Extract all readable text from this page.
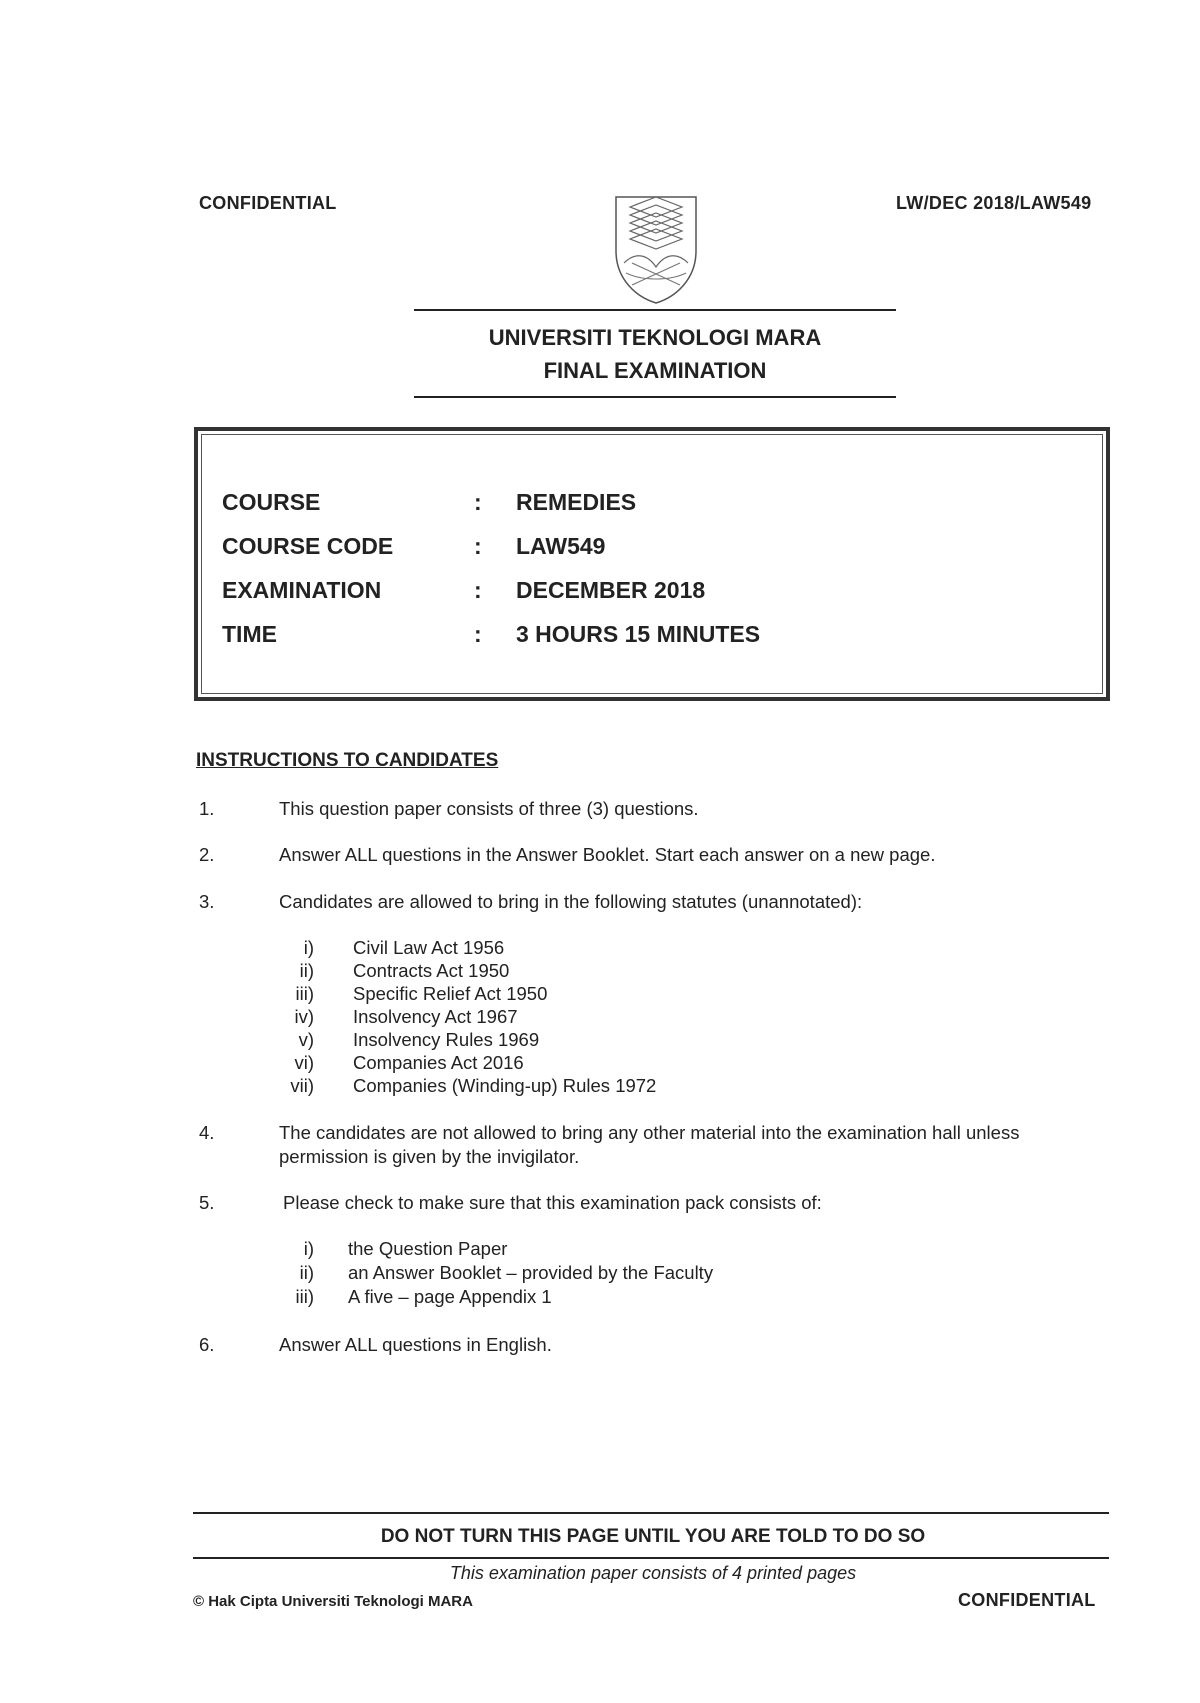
CONFIDENTIAL	LW/DEC 2018/LAW549
UNIVERSITI TEKNOLOGI MARA
FINAL EXAMINATION
COURSE	: REMEDIES
COURSE CODE	: LAW549
EXAMINATION	: DECEMBER 2018
TIME	: 3 HOURS 15 MINUTES
INSTRUCTIONS TO CANDIDATES
1.	This question paper consists of three (3) questions.
2.	Answer ALL questions in the Answer Booklet. Start each answer on a new page.
3.	Candidates are allowed to bring in the following statutes (unannotated):
i) Civil Law Act 1956
ii) Contracts Act 1950
iii) Specific Relief Act 1950
iv) Insolvency Act 1967
v) Insolvency Rules 1969
vi) Companies Act 2016
vii) Companies (Winding-up) Rules 1972
4.	The candidates are not allowed to bring any other material into the examination hall unless
permission is given by the invigilator.
5.	Please check to make sure that this examination pack consists of:
i) the Question Paper
ii) an Answer Booklet – provided by the Faculty
iii) A five – page Appendix 1
6.	Answer ALL questions in English.
DO NOT TURN THIS PAGE UNTIL YOU ARE TOLD TO DO SO
This examination paper consists of 4 printed pages
© Hak Cipta Universiti Teknologi MARA	CONFIDENTIAL
